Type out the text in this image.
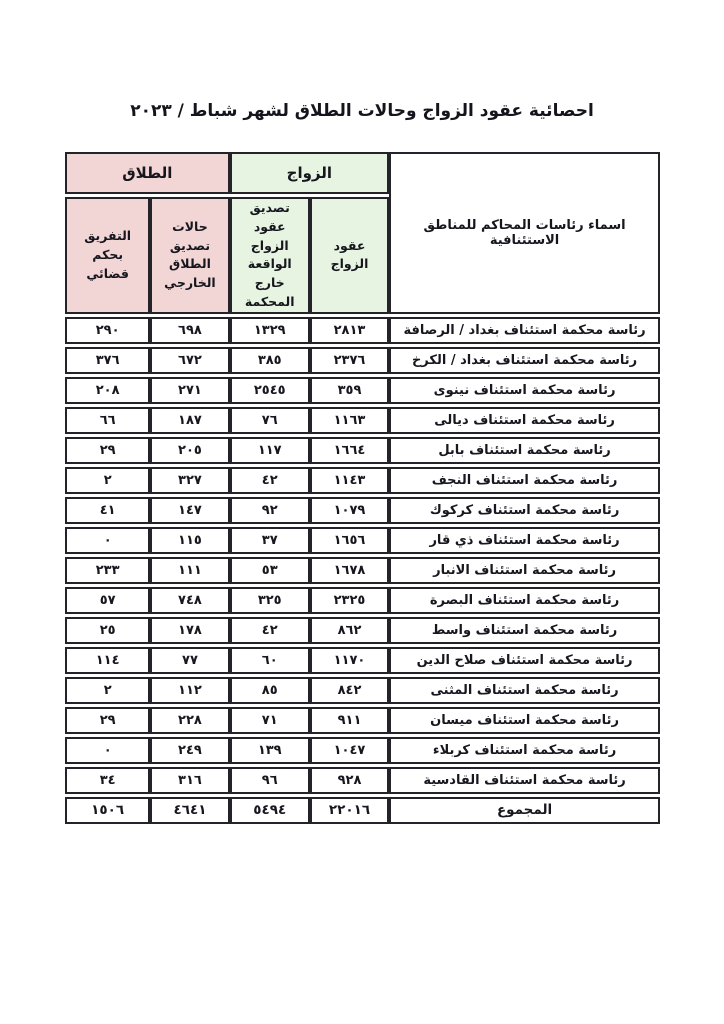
احصائية عقود الزواج وحالات الطلاق لشهر شباط / ٢٠٢٣
اسماء رئاسات المحاكم للمناطق الاستئنافية	الزواج		الطلاق	
	عقود الزواج	تصديق عقود الزواج الواقعة خارج المحكمة	حالات تصديق الطلاق الخارجي	التفريق بحكم قضائي
رئاسة محكمة استئناف بغداد / الرصافة	٢٨١٣	١٣٢٩	٦٩٨	٢٩٠
رئاسة محكمة استئناف بغداد / الكرخ	٢٣٧٦	٣٨٥	٦٧٢	٣٧٦
رئاسة محكمة استئناف نينوى	٣٥٩	٢٥٤٥	٢٧١	٢٠٨
رئاسة محكمة استئناف ديالى	١١٦٣	٧٦	١٨٧	٦٦
رئاسة محكمة استئناف بابل	١٦٦٤	١١٧	٢٠٥	٢٩
رئاسة محكمة استئناف النجف	١١٤٣	٤٢	٣٢٧	٢
رئاسة محكمة استئناف كركوك	١٠٧٩	٩٢	١٤٧	٤١
رئاسة محكمة استئناف ذي قار	١٦٥٦	٣٧	١١٥	٠
رئاسة محكمة استئناف الانبار	١٦٧٨	٥٣	١١١	٢٣٣
رئاسة محكمة استئناف البصرة	٢٣٢٥	٣٢٥	٧٤٨	٥٧
رئاسة محكمة استئناف واسط	٨٦٢	٤٢	١٧٨	٢٥
رئاسة محكمة استئناف صلاح الدين	١١٧٠	٦٠	٧٧	١١٤
رئاسة محكمة استئناف المثنى	٨٤٢	٨٥	١١٢	٢
رئاسة محكمة استئناف ميسان	٩١١	٧١	٢٢٨	٢٩
رئاسة محكمة استئناف كربلاء	١٠٤٧	١٣٩	٢٤٩	٠
رئاسة محكمة استئناف القادسية	٩٢٨	٩٦	٣١٦	٣٤
المجموع	٢٢٠١٦	٥٤٩٤	٤٦٤١	١٥٠٦
